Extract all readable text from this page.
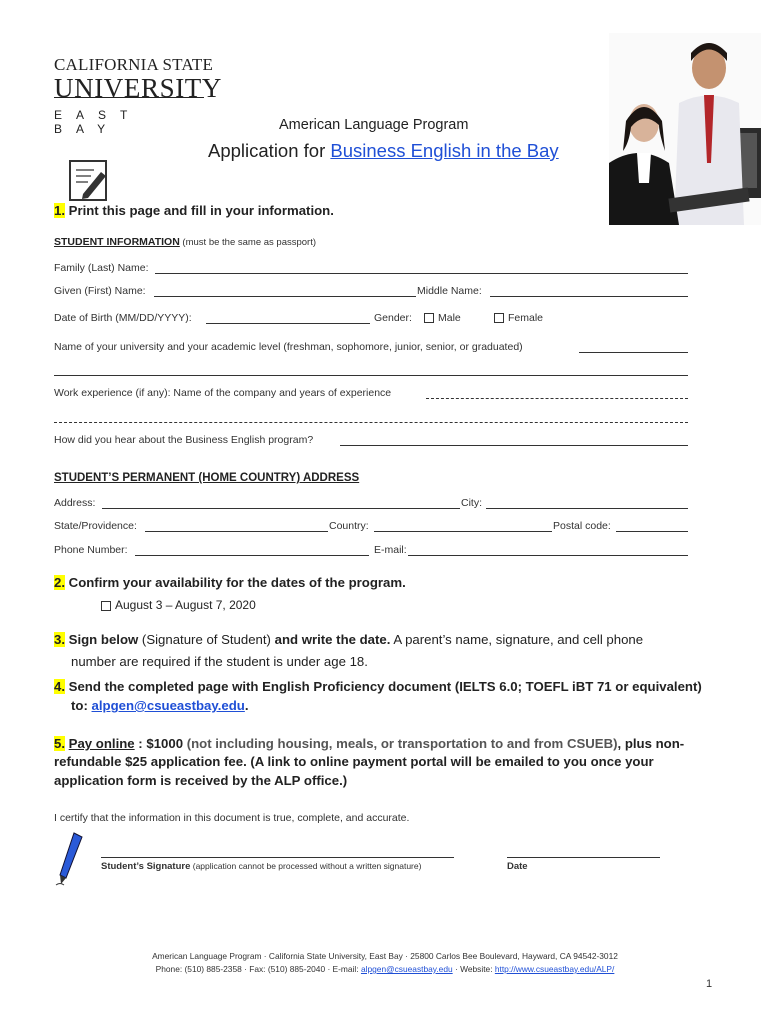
CALIFORNIA STATE
UNIVERSITY
EAST BAY	American Language Program
Application for Business English in the Bay
1. Print this page and fill in your information.
STUDENT INFORMATION (must be the same as passport)
Family (Last) Name:
Given (First) Name:	Middle Name:
Date of Birth (MM/DD/YYYY):	Gender:	Male	Female
Name of your university and your academic level (freshman, sophomore, junior, senior, or graduated)
Work experience (if any): Name of the company and years of experience
How did you hear about the Business English program?
STUDENT’S PERMANENT (HOME COUNTRY) ADDRESS
Address:	City:
State/Providence:	Country:	Postal code:
Phone Number:	E-mail:
2. Confirm your availability for the dates of the program.
August 3 – August 7, 2020
3. Sign below (Signature of Student) and write the date. A parent’s name, signature, and cell phone
number are required if the student is under age 18.
4. Send the completed page with English Proficiency document (IELTS 6.0; TOEFL iBT 71 or equivalent)
to: alpgen@csueastbay.edu.
5. Pay online : $1000 (not including housing, meals, or transportation to and from CSUEB), plus non-
refundable $25 application fee. (A link to online payment portal will be emailed to you once your
application form is received by the ALP office.)
I certify that the information in this document is true, complete, and accurate.
Student’s Signature (application cannot be processed without a written signature)	Date
American Language Program · California State University, East Bay · 25800 Carlos Bee Boulevard, Hayward, CA 94542-3012
Phone: (510) 885-2358 · Fax: (510) 885-2040 · E-mail: alpgen@csueastbay.edu · Website: http://www.csueastbay.edu/ALP/
1
